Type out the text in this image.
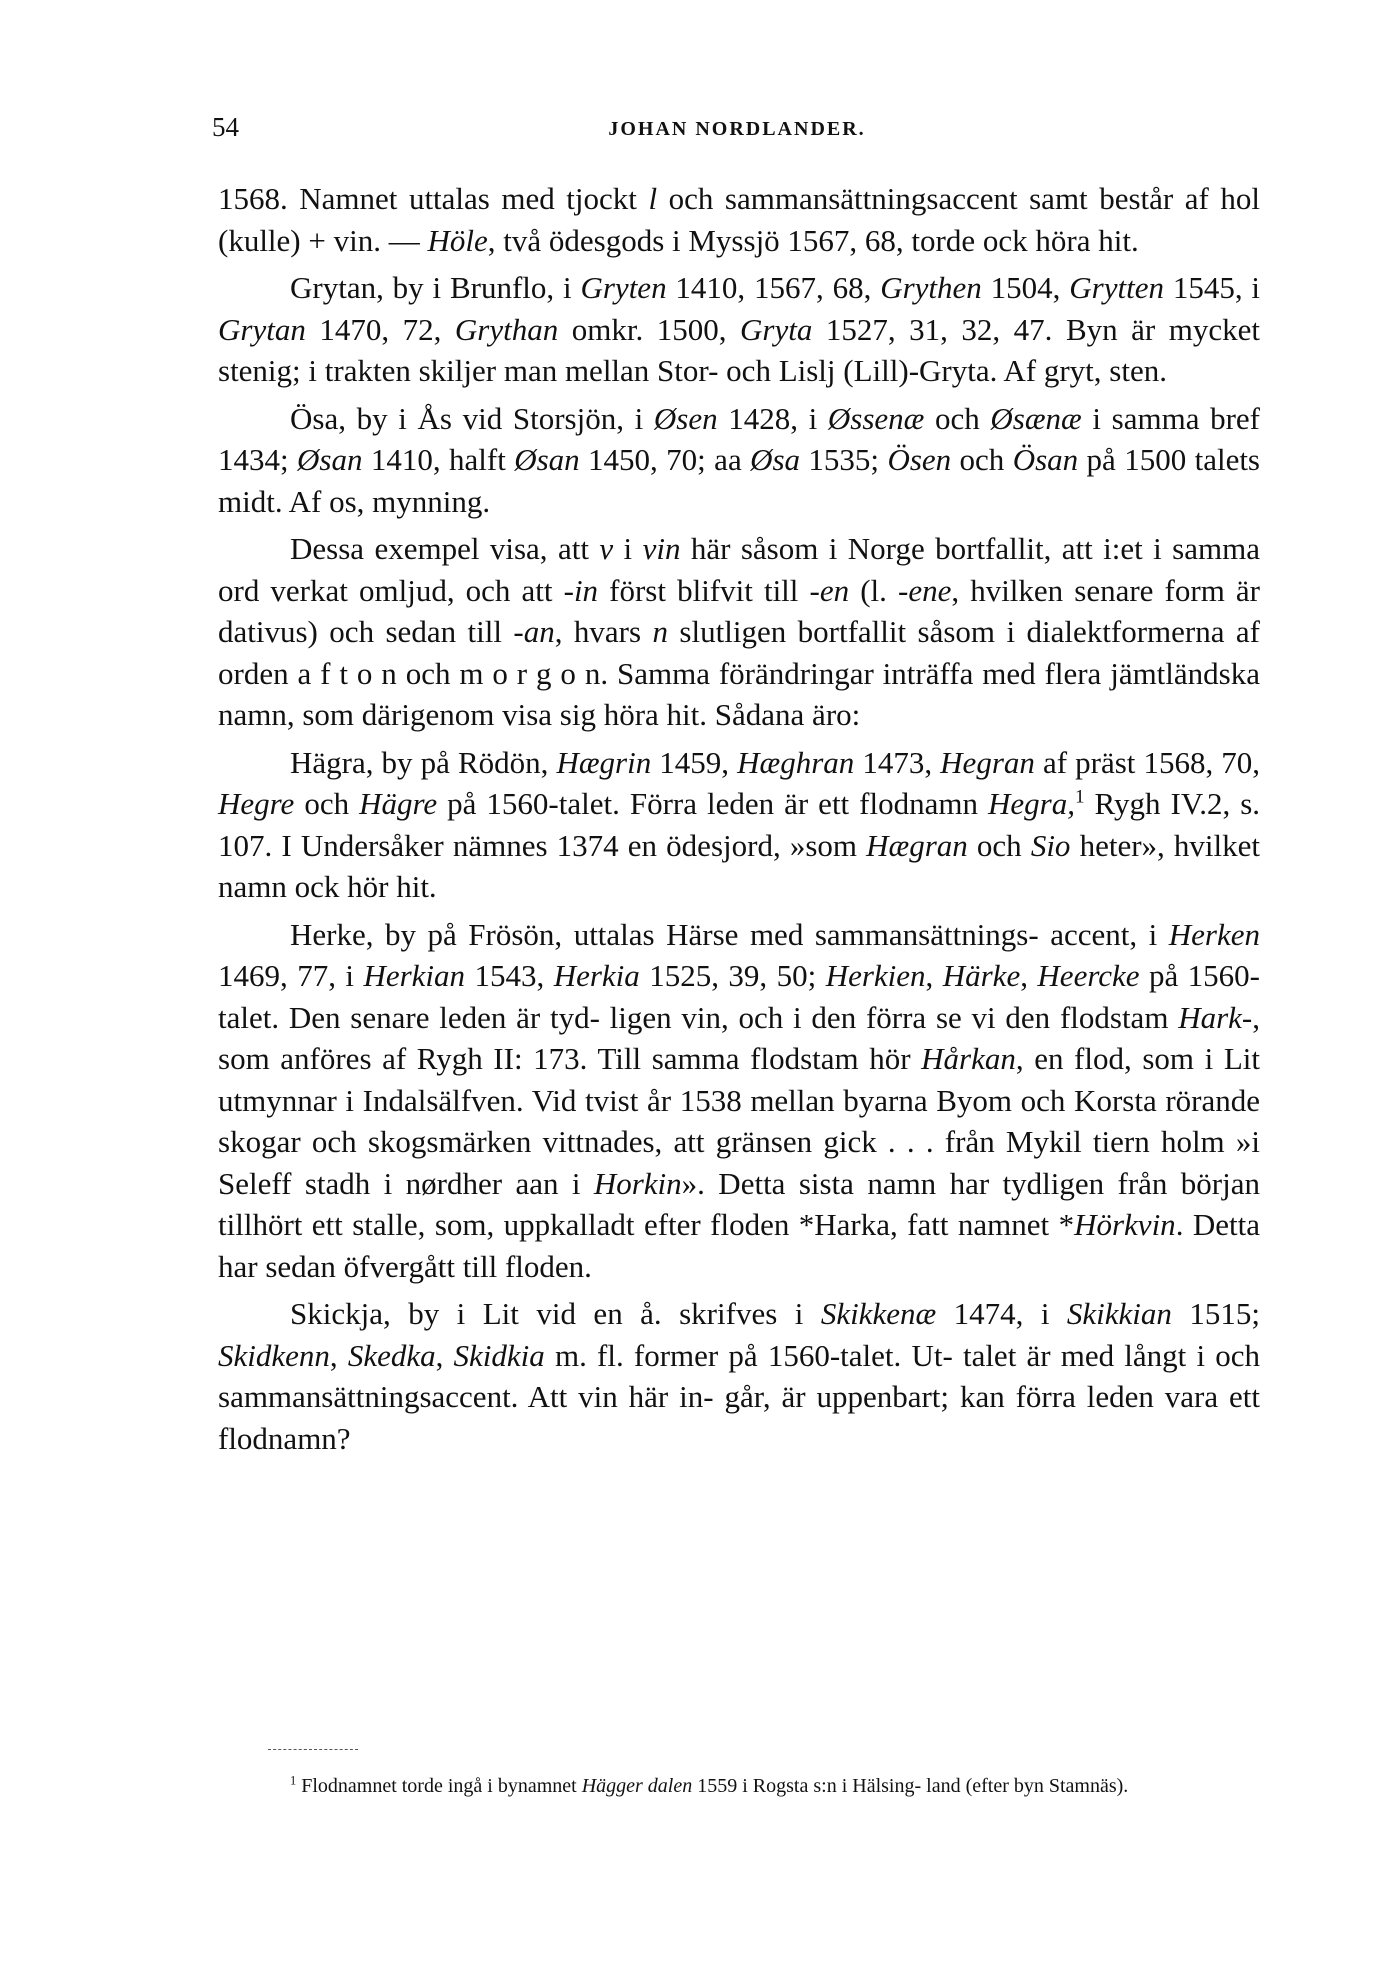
54	JOHAN NORDLANDER.

1568. Namnet uttalas med tjockt l och sammansättningsaccent samt består af hol (kulle) + vin. — Höle, två ödesgods i Myssjö 1567, 68, torde ock höra hit.

Grytan, by i Brunflo, i Gryten 1410, 1567, 68, Grythen 1504, Grytten 1545, i Grytan 1470, 72, Grythan omkr. 1500, Gryta 1527, 31, 32, 47. Byn är mycket stenig; i trakten skiljer man mellan Stor- och Lislj (Lill)-Gryta. Af gryt, sten.

Ösa, by i Ås vid Storsjön, i Øsen 1428, i Øssenæ och Øsænæ i samma bref 1434; Øsan 1410, halft Øsan 1450, 70; aa Øsa 1535; Ösen och Ösan på 1500 talets midt. Af os, mynning.

Dessa exempel visa, att v i vin här såsom i Norge bortfallit, att i:et i samma ord verkat omljud, och att -in först blifvit till -en (l. -ene, hvilken senare form är dativus) och sedan till -an, hvars n slutligen bortfallit såsom i dialektformerna af orden a f t o n och m o r g o n. Samma förändringar inträffa med flera jämtländska namn, som därigenom visa sig höra hit. Sådana äro:

Hägra, by på Rödön, Hægrin 1459, Hæghran 1473, Hegran af präst 1568, 70, Hegre och Hägre på 1560-talet. Förra leden är ett flodnamn Hegra,$^1$ Rygh IV.2, s. 107. I Undersåker nämnes 1374 en ödesjord, »som Hægran och Sio heter», hvilket namn ock hör hit.

Herke, by på Frösön, uttalas Härse med sammansättnings- accent, i Herken 1469, 77, i Herkian 1543, Herkia 1525, 39, 50; Herkien, Härke, Heercke på 1560-talet. Den senare leden är tyd- ligen vin, och i den förra se vi den flodstam Hark-, som anföres af Rygh II: 173. Till samma flodstam hör Hårkan, en flod, som i Lit utmynnar i Indalsälfven. Vid tvist år 1538 mellan byarna Byom och Korsta rörande skogar och skogsmärken vittnades, att gränsen gick . . . från Mykil tiern holm »i Seleff stadh i nørdher aan i Horkin». Detta sista namn har tydligen från början tillhört ett stalle, som, uppkalladt efter floden *Harka, fatt namnet *Hörkvin. Detta har sedan öfvergått till floden.

Skickja, by i Lit vid en å. skrifves i Skikkenæ 1474, i Skikkian 1515; Skidkenn, Skedka, Skidkia m. fl. former på 1560-talet. Ut- talet är med långt i och sammansättningsaccent. Att vin här in- går, är uppenbart; kan förra leden vara ett flodnamn?

$^1$ Flodnamnet torde ingå i bynamnet Hägger dalen 1559 i Rogsta s:n i Hälsing- land (efter byn Stamnäs).
